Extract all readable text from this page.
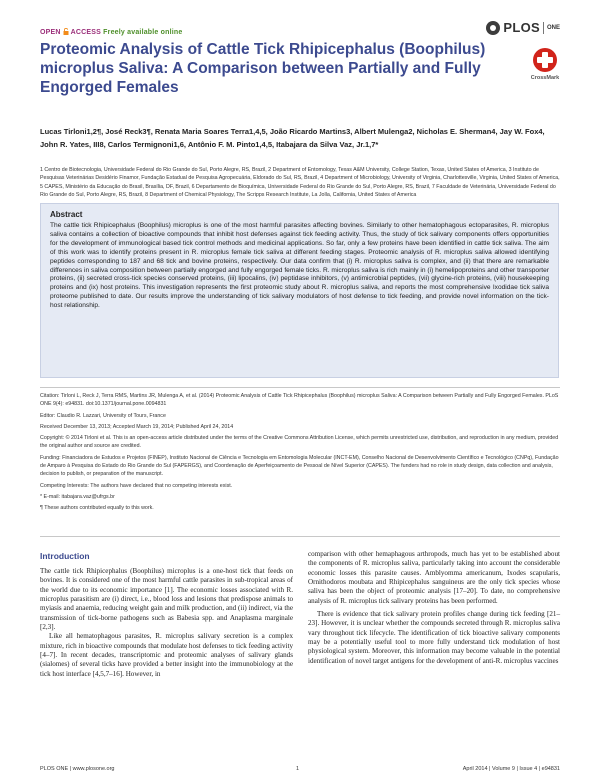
OPEN ACCESS Freely available online	PLOS ONE
Proteomic Analysis of Cattle Tick Rhipicephalus (Boophilus) microplus Saliva: A Comparison between Partially and Fully Engorged Females
CrossMark
Lucas Tirloni1,2¶, José Reck3¶, Renata Maria Soares Terra1,4,5, João Ricardo Martins3, Albert Mulenga2, Nicholas E. Sherman4, Jay W. Fox4, John R. Yates, III8, Carlos Termignoni1,6, Antônio F. M. Pinto1,4,5, Itabajara da Silva Vaz, Jr.1,7*
1 Centro de Biotecnologia, Universidade Federal do Rio Grande do Sul, Porto Alegre, RS, Brazil, 2 Department of Entomology, Texas A&M University, College Station, Texas, United States of America, 3 Instituto de Pesquisas Veterinárias Desidério Finamor, Fundação Estadual de Pesquisa Agropecuária, Eldorado do Sul, RS, Brazil, 4 Department of Microbiology, University of Virginia, Charlottesville, Virginia, United States of America, 5 CAPES, Ministério da Educação do Brasil, Brasília, DF, Brazil, 6 Departamento de Bioquímica, Universidade Federal do Rio Grande do Sul, Porto Alegre, RS, Brazil, 7 Faculdade de Veterinária, Universidade Federal do Rio Grande do Sul, Porto Alegre, RS, Brazil, 8 Department of Chemical Physiology, The Scripps Research Institute, La Jolla, California, United States of America
Abstract
The cattle tick Rhipicephalus (Boophilus) microplus is one of the most harmful parasites affecting bovines. Similarly to other hematophagous ectoparasites, R. microplus saliva contains a collection of bioactive compounds that inhibit host defenses against tick feeding activity. Thus, the study of tick salivary components offers opportunities for the development of immunological based tick control methods and medicinal applications. So far, only a few proteins have been identified in cattle tick saliva. The aim of this work was to identify proteins present in R. microplus female tick saliva at different feeding stages. Proteomic analysis of R. microplus saliva allowed identifying peptides corresponding to 187 and 68 tick and bovine proteins, respectively. Our data confirm that (i) R. microplus saliva is complex, and (ii) that there are remarkable differences in saliva composition between partially engorged and fully engorged female ticks. R. microplus saliva is rich mainly in (i) hemelipoproteins and other transporter proteins, (ii) secreted cross-tick species conserved proteins, (iii) lipocalins, (iv) peptidase inhibitors, (v) antimicrobial peptides, (vii) glycine-rich proteins, (viii) housekeeping proteins and (ix) host proteins. This investigation represents the first proteomic study about R. microplus saliva, and reports the most comprehensive Ixodidae tick saliva proteome published to date. Our results improve the understanding of tick salivary modulators of host defense to tick feeding, and provide novel information on the tick-host relationship.
Citation: Tirloni L, Reck J, Terra RMS, Martins JR, Mulenga A, et al. (2014) Proteomic Analysis of Cattle Tick Rhipicephalus (Boophilus) microplus Saliva: A Comparison between Partially and Fully Engorged Females. PLoS ONE 9(4): e94831. doi:10.1371/journal.pone.0094831
Editor: Claudio R. Lazzari, University of Tours, France
Received December 13, 2013; Accepted March 19, 2014; Published April 24, 2014
Copyright: © 2014 Tirloni et al. This is an open-access article distributed under the terms of the Creative Commons Attribution License, which permits unrestricted use, distribution, and reproduction in any medium, provided the original author and source are credited.
Funding: Financiadora de Estudos e Projetos (FINEP), Instituto Nacional de Ciência e Tecnologia em Entomologia Molecular (INCT-EM), Conselho Nacional de Desenvolvimento Científico e Tecnológico (CNPq), Fundação de Amparo à Pesquisa do Estado do Rio Grande do Sul (FAPERGS), and Coordenação de Aperfeiçoamento de Pessoal de Nível Superior (CAPES). The funders had no role in study design, data collection and analysis, decision to publish, or preparation of the manuscript.
Competing Interests: The authors have declared that no competing interests exist.
* E-mail: itabajara.vaz@ufrgs.br
¶ These authors contributed equally to this work.
Introduction

The cattle tick Rhipicephalus (Boophilus) microplus is a one-host tick that feeds on bovines. It is considered one of the most harmful cattle parasites in sub-tropical areas of the world due to its economic importance [1]. The economic losses associated with R. microplus parasitism are (i) direct, i.e., blood loss and lesions that predispose animals to myiasis and anaemia, reducing weight gain and milk production, and (ii) indirect, via the transmission of tick-borne pathogens such as Babesia spp. and Anaplasma marginale [2,3].

Like all hematophagous parasites, R. microplus salivary secretion is a complex mixture, rich in bioactive compounds that modulate host defenses to tick feeding activity [4–7]. In recent decades, transcriptomic and proteomic analyses of salivary glands (sialomes) of several ticks have provided a better insight into the immunobiology at the tick host interface [4,5,7–16]. However, in

comparison with other hemaphagous arthropods, much has yet to be established about the components of R. microplus saliva, particularly taking into account the considerable economic losses this parasite causes. Amblyomma americanum, Ixodes scapularis, Ornithodoros moubata and Rhipicephalus sanguineus are the only tick species whose saliva has been the object of proteomic analysis [17–20]. To date, no comprehensive analysis of R. microplus tick salivary proteins has been performed.

There is evidence that tick salivary protein profiles change during tick feeding [21–23]. However, it is unclear whether the compounds secreted through R. microplus saliva vary throughout tick lifecycle. The identification of tick bioactive salivary components may be a potentially useful tool to more fully understand tick modulation of host physiological system. Moreover, this information may become valuable in the potential identification of novel target antigens for the development of anti-R. microplus vaccines

PLOS ONE | www.plosone.org	1	April 2014 | Volume 9 | Issue 4 | e94831
